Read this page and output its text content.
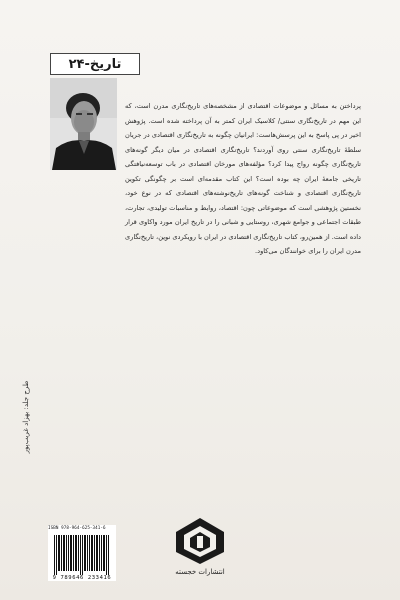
تاریخ-۲۴

پرداختن به مسائل و موضوعات اقتصادی از مشخصه‌های تاریخ‌نگاری مدرن است، که این مهم در تاریخ‌نگاری سنتی/ کلاسیک ایران کمتر به آن پرداخته شده است. پژوهش اخیر در پی پاسخ به این پرسش‌هاست: ایرانیان چگونه به تاریخ‌نگاری اقتصادی در جریان سلطهٔ تاریخ‌نگاری سنتی روی آوردند؟ تاریخ‌نگاری اقتصادی در میان دیگر گونه‌های تاریخ‌نگاری چگونه رواج پیدا کرد؟ مؤلفه‌های مورخان اقتصادی در باب توسعه‌نیافتگی تاریخی جامعهٔ ایران چه بوده است؟ این کتاب مقدمه‌ای است بر چگونگی تکوین تاریخ‌نگاری اقتصادی و شناخت گونه‌های تاریخ‌نوشته‌های اقتصادی که در نوع خود، نخستین پژوهشی است که موضوعاتی چون: اقتصاد، روابط و مناسبات تولیدی، تجارت، طبقات اجتماعی و جوامع شهری، روستایی و شبانی را در تاریخ ایران مورد واکاوی قرار داده است. از همین‌رو، کتاب تاریخ‌نگاری اقتصادی در ایران با رویکردی نوین، تاریخ‌نگاری مدرن ایران را برای خوانندگان می‌کاود.

طرح جلد: بهزاد غریب‌پور
ISBN 978-964-625-341-6
9 789646 233416
انتشارات خجسته
